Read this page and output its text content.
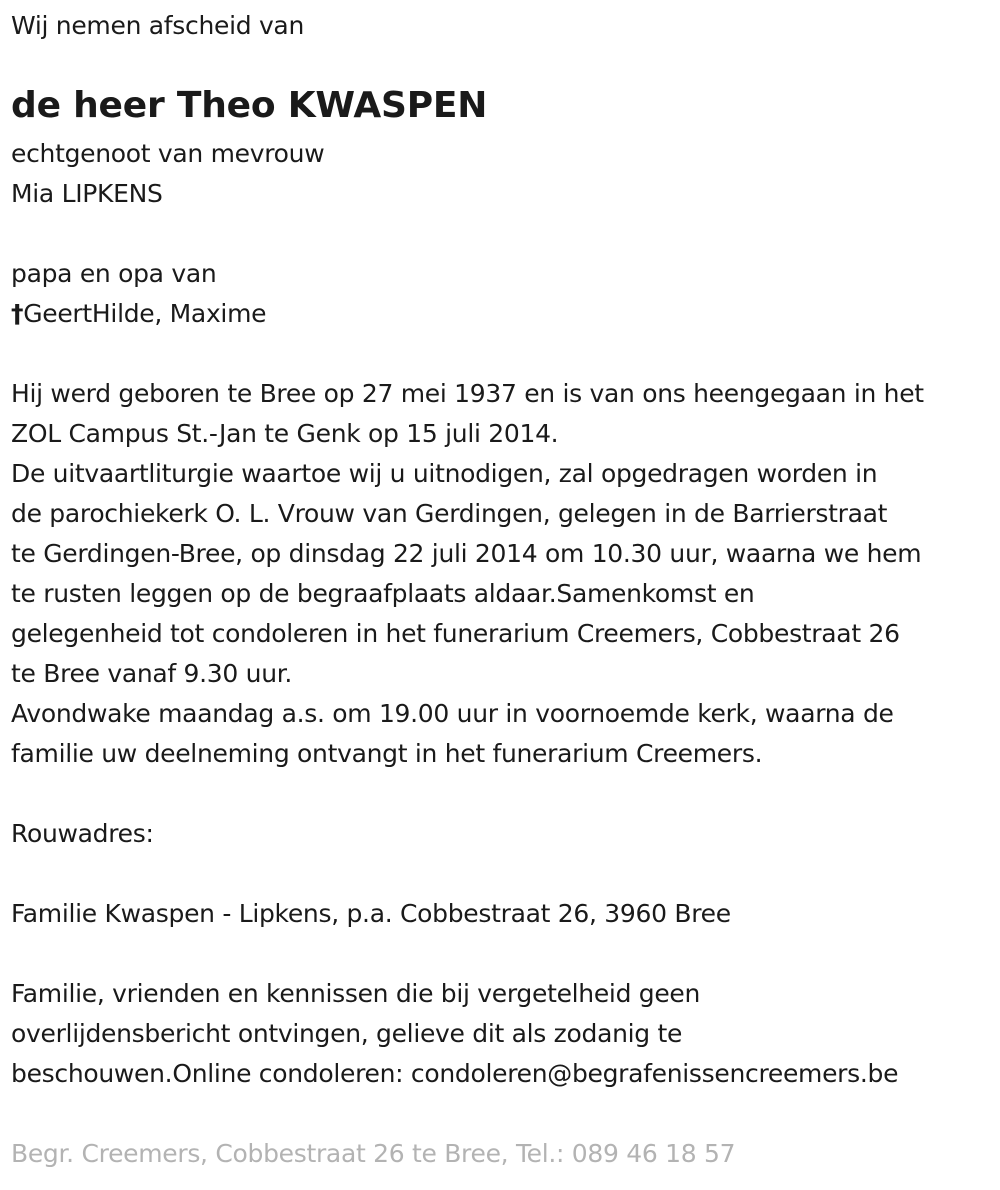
Wij nemen afscheid van
de heer Theo KWASPEN
echtgenoot van mevrouw
Mia LIPKENS
papa en opa van
†GeertHilde, Maxime
Hij werd geboren te Bree op 27 mei 1937 en is van ons heengegaan in het
ZOL Campus St.-Jan te Genk op 15 juli 2014.
De uitvaartliturgie waartoe wij u uitnodigen, zal opgedragen worden in
de parochiekerk O. L. Vrouw van Gerdingen, gelegen in de Barrierstraat
te Gerdingen-Bree, op dinsdag 22 juli 2014 om 10.30 uur, waarna we hem
te rusten leggen op de begraafplaats aldaar.Samenkomst en
gelegenheid tot condoleren in het funerarium Creemers, Cobbestraat 26
te Bree vanaf 9.30 uur.
Avondwake maandag a.s. om 19.00 uur in voornoemde kerk, waarna de
familie uw deelneming ontvangt in het funerarium Creemers.
Rouwadres:
Familie Kwaspen - Lipkens, p.a. Cobbestraat 26, 3960 Bree
Familie, vrienden en kennissen die bij vergetelheid geen
overlijdensbericht ontvingen, gelieve dit als zodanig te
beschouwen.Online condoleren: condoleren@begrafenissencreemers.be
Begr. Creemers, Cobbestraat 26 te Bree, Tel.: 089 46 18 57
